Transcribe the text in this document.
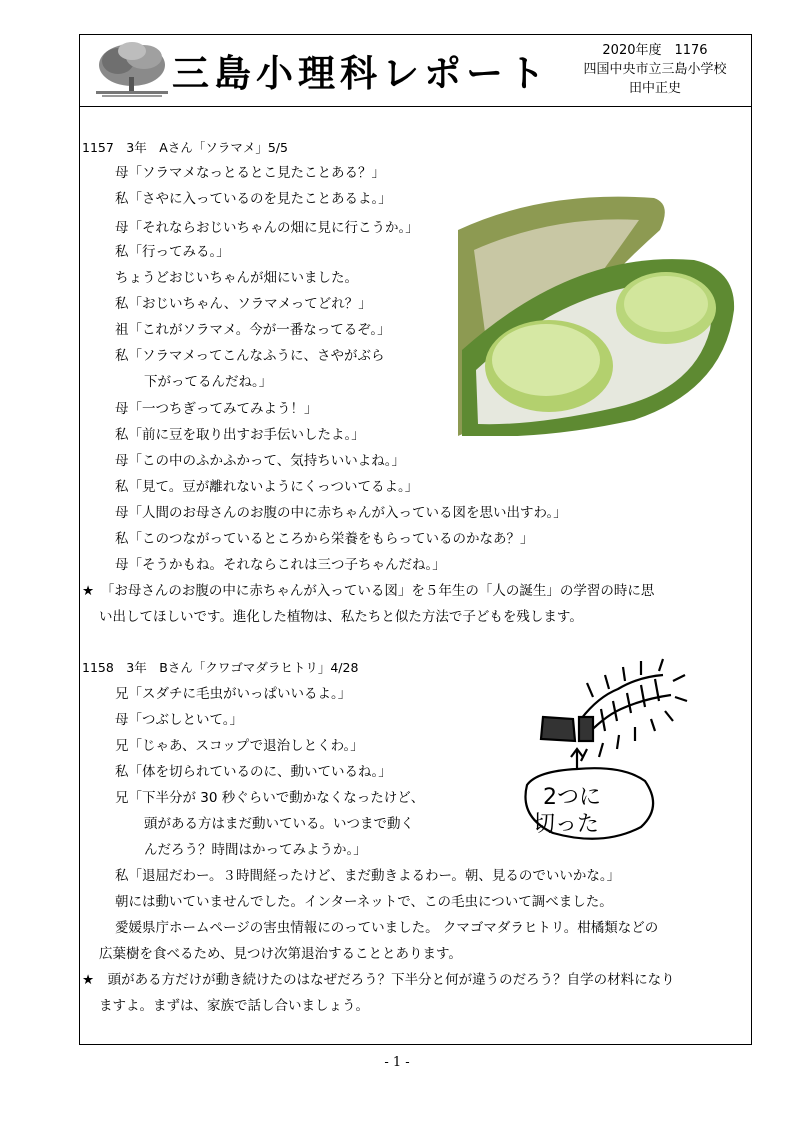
三島小理科レポート
2020年度　1176
四国中央市立三島小学校
田中正史
1157　3年　Aさん「ソラマメ」5/5
母「ソラマメなっとるとこ見たことある？」
私「さやに入っているのを見たことあるよ。」
母「それならおじいちゃんの畑に見に行こうか。」
私「行ってみる。」
ちょうどおじいちゃんが畑にいました。
私「おじいちゃん、ソラマメってどれ？」
祖「これがソラマメ。今が一番なってるぞ。」
私「ソラマメってこんなふうに、さやがぶら
下がってるんだね。」
母「一つちぎってみてみよう！」
私「前に豆を取り出すお手伝いしたよ。」
母「この中のふかふかって、気持ちいいよね。」
私「見て。豆が離れないようにくっついてるよ。」
母「人間のお母さんのお腹の中に赤ちゃんが入っている図を思い出すわ。」
私「このつながっているところから栄養をもらっているのかなあ？」
母「そうかもね。それならこれは三つ子ちゃんだね。」
★　「お母さんのお腹の中に赤ちゃんが入っている図」を５年生の「人の誕生」の学習の時に思
い出してほしいです。進化した植物は、私たちと似た方法で子どもを残します。
1158　3年　Bさん「クワゴマダラヒトリ」4/28
兄「スダチに毛虫がいっぱいいるよ。」
母「つぶしといて。」
兄「じゃあ、スコップで退治しとくわ。」
私「体を切られているのに、動いているね。」
兄「下半分が 30 秒ぐらいで動かなくなったけど、
頭がある方はまだ動いている。いつまで動く
んだろう？時間はかってみようか。」
私「退屈だわー。３時間経ったけど、まだ動きよるわー。朝、見るのでいいかな。」
朝には動いていませんでした。インターネットで、この毛虫について調べました。
愛媛県庁ホームページの害虫情報にのっていました。 クマゴマダラヒトリ。柑橘類などの
広葉樹を食べるため、見つけ次第退治することとあります。
★　頭がある方だけが動き続けたのはなぜだろう？下半分と何が違うのだろう？自学の材料になり
ますよ。まずは、家族で話し合いましょう。
2つに
切った
- 1 -
